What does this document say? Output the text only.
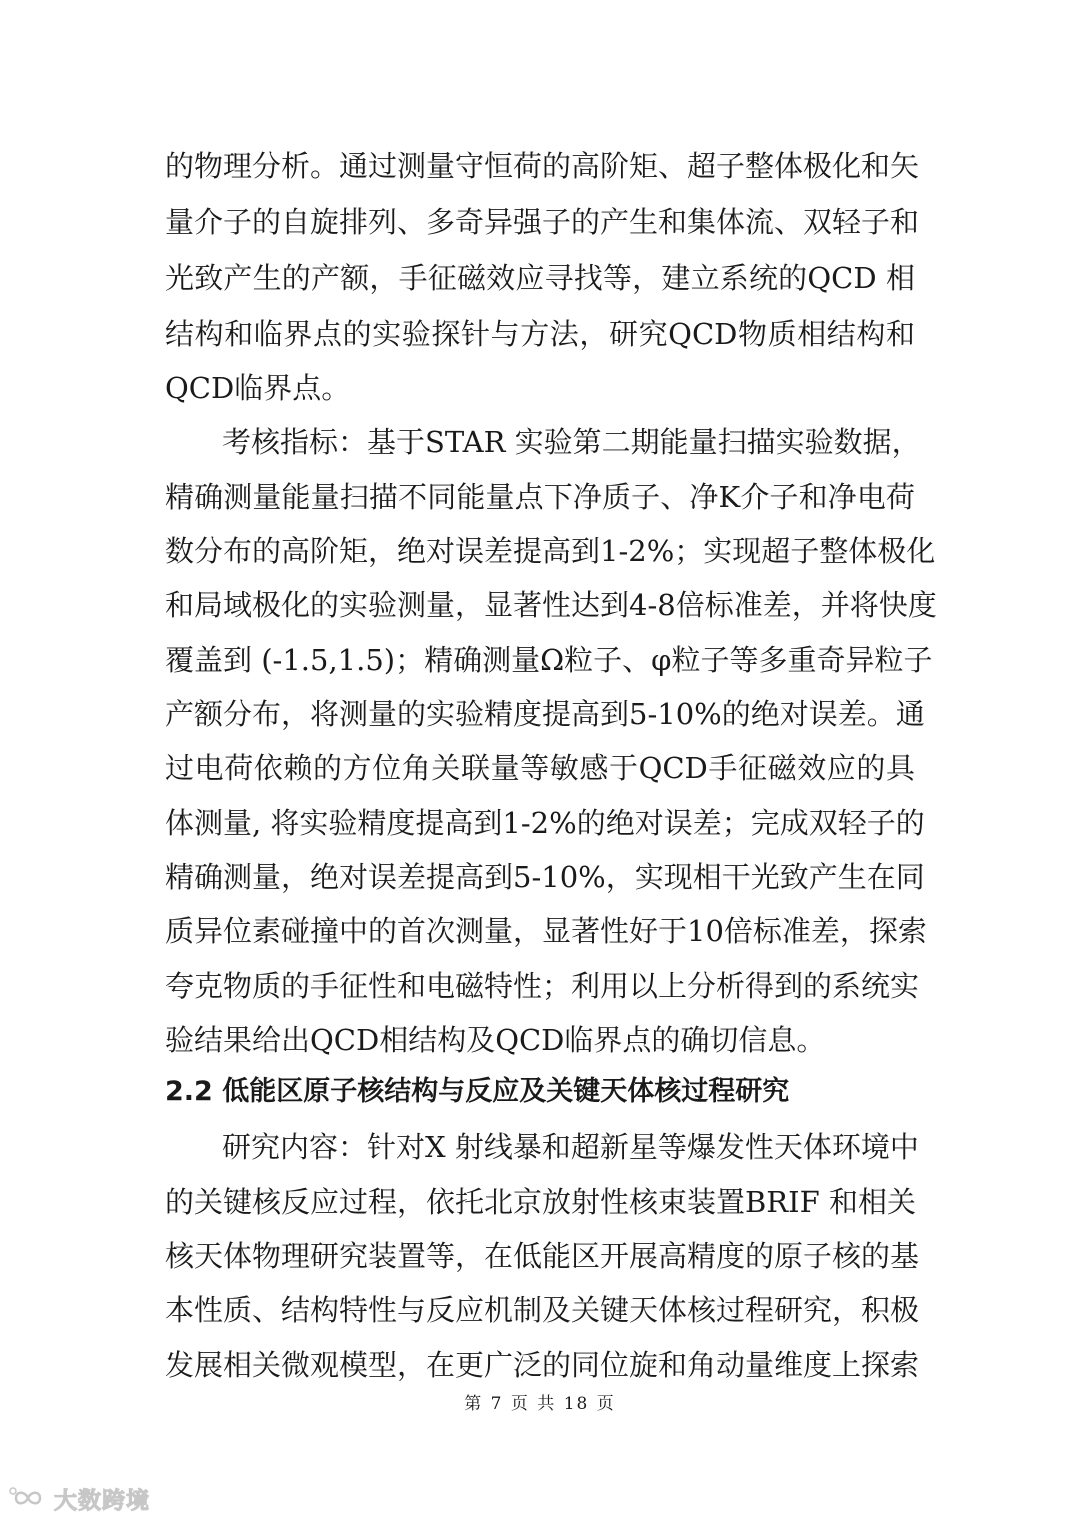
的物理分析。通过测量守恒荷的高阶矩、超子整体极化和矢
量介子的自旋排列、多奇异强子的产生和集体流、双轻子和
光致产生的产额，手征磁效应寻找等，建立系统的QCD 相
结构和临界点的实验探针与方法，研究QCD物质相结构和
QCD临界点。
考核指标：基于STAR 实验第二期能量扫描实验数据，
精确测量能量扫描不同能量点下净质子、净K介子和净电荷
数分布的高阶矩，绝对误差提高到1-2%；实现超子整体极化
和局域极化的实验测量，显著性达到4-8倍标准差，并将快度
覆盖到 (-1.5,1.5)；精确测量Ω粒子、φ粒子等多重奇异粒子
产额分布，将测量的实验精度提高到5-10%的绝对误差。通
过电荷依赖的方位角关联量等敏感于QCD手征磁效应的具
体测量, 将实验精度提高到1-2%的绝对误差；完成双轻子的
精确测量，绝对误差提高到5-10%，实现相干光致产生在同
质异位素碰撞中的首次测量，显著性好于10倍标准差，探索
夸克物质的手征性和电磁特性；利用以上分析得到的系统实
验结果给出QCD相结构及QCD临界点的确切信息。
2.2 低能区原子核结构与反应及关键天体核过程研究
研究内容：针对X 射线暴和超新星等爆发性天体环境中
的关键核反应过程，依托北京放射性核束装置BRIF 和相关
核天体物理研究装置等，在低能区开展高精度的原子核的基
本性质、结构特性与反应机制及关键天体核过程研究，积极
发展相关微观模型，在更广泛的同位旋和角动量维度上探索
第 7 页 共 18 页
大数跨境
